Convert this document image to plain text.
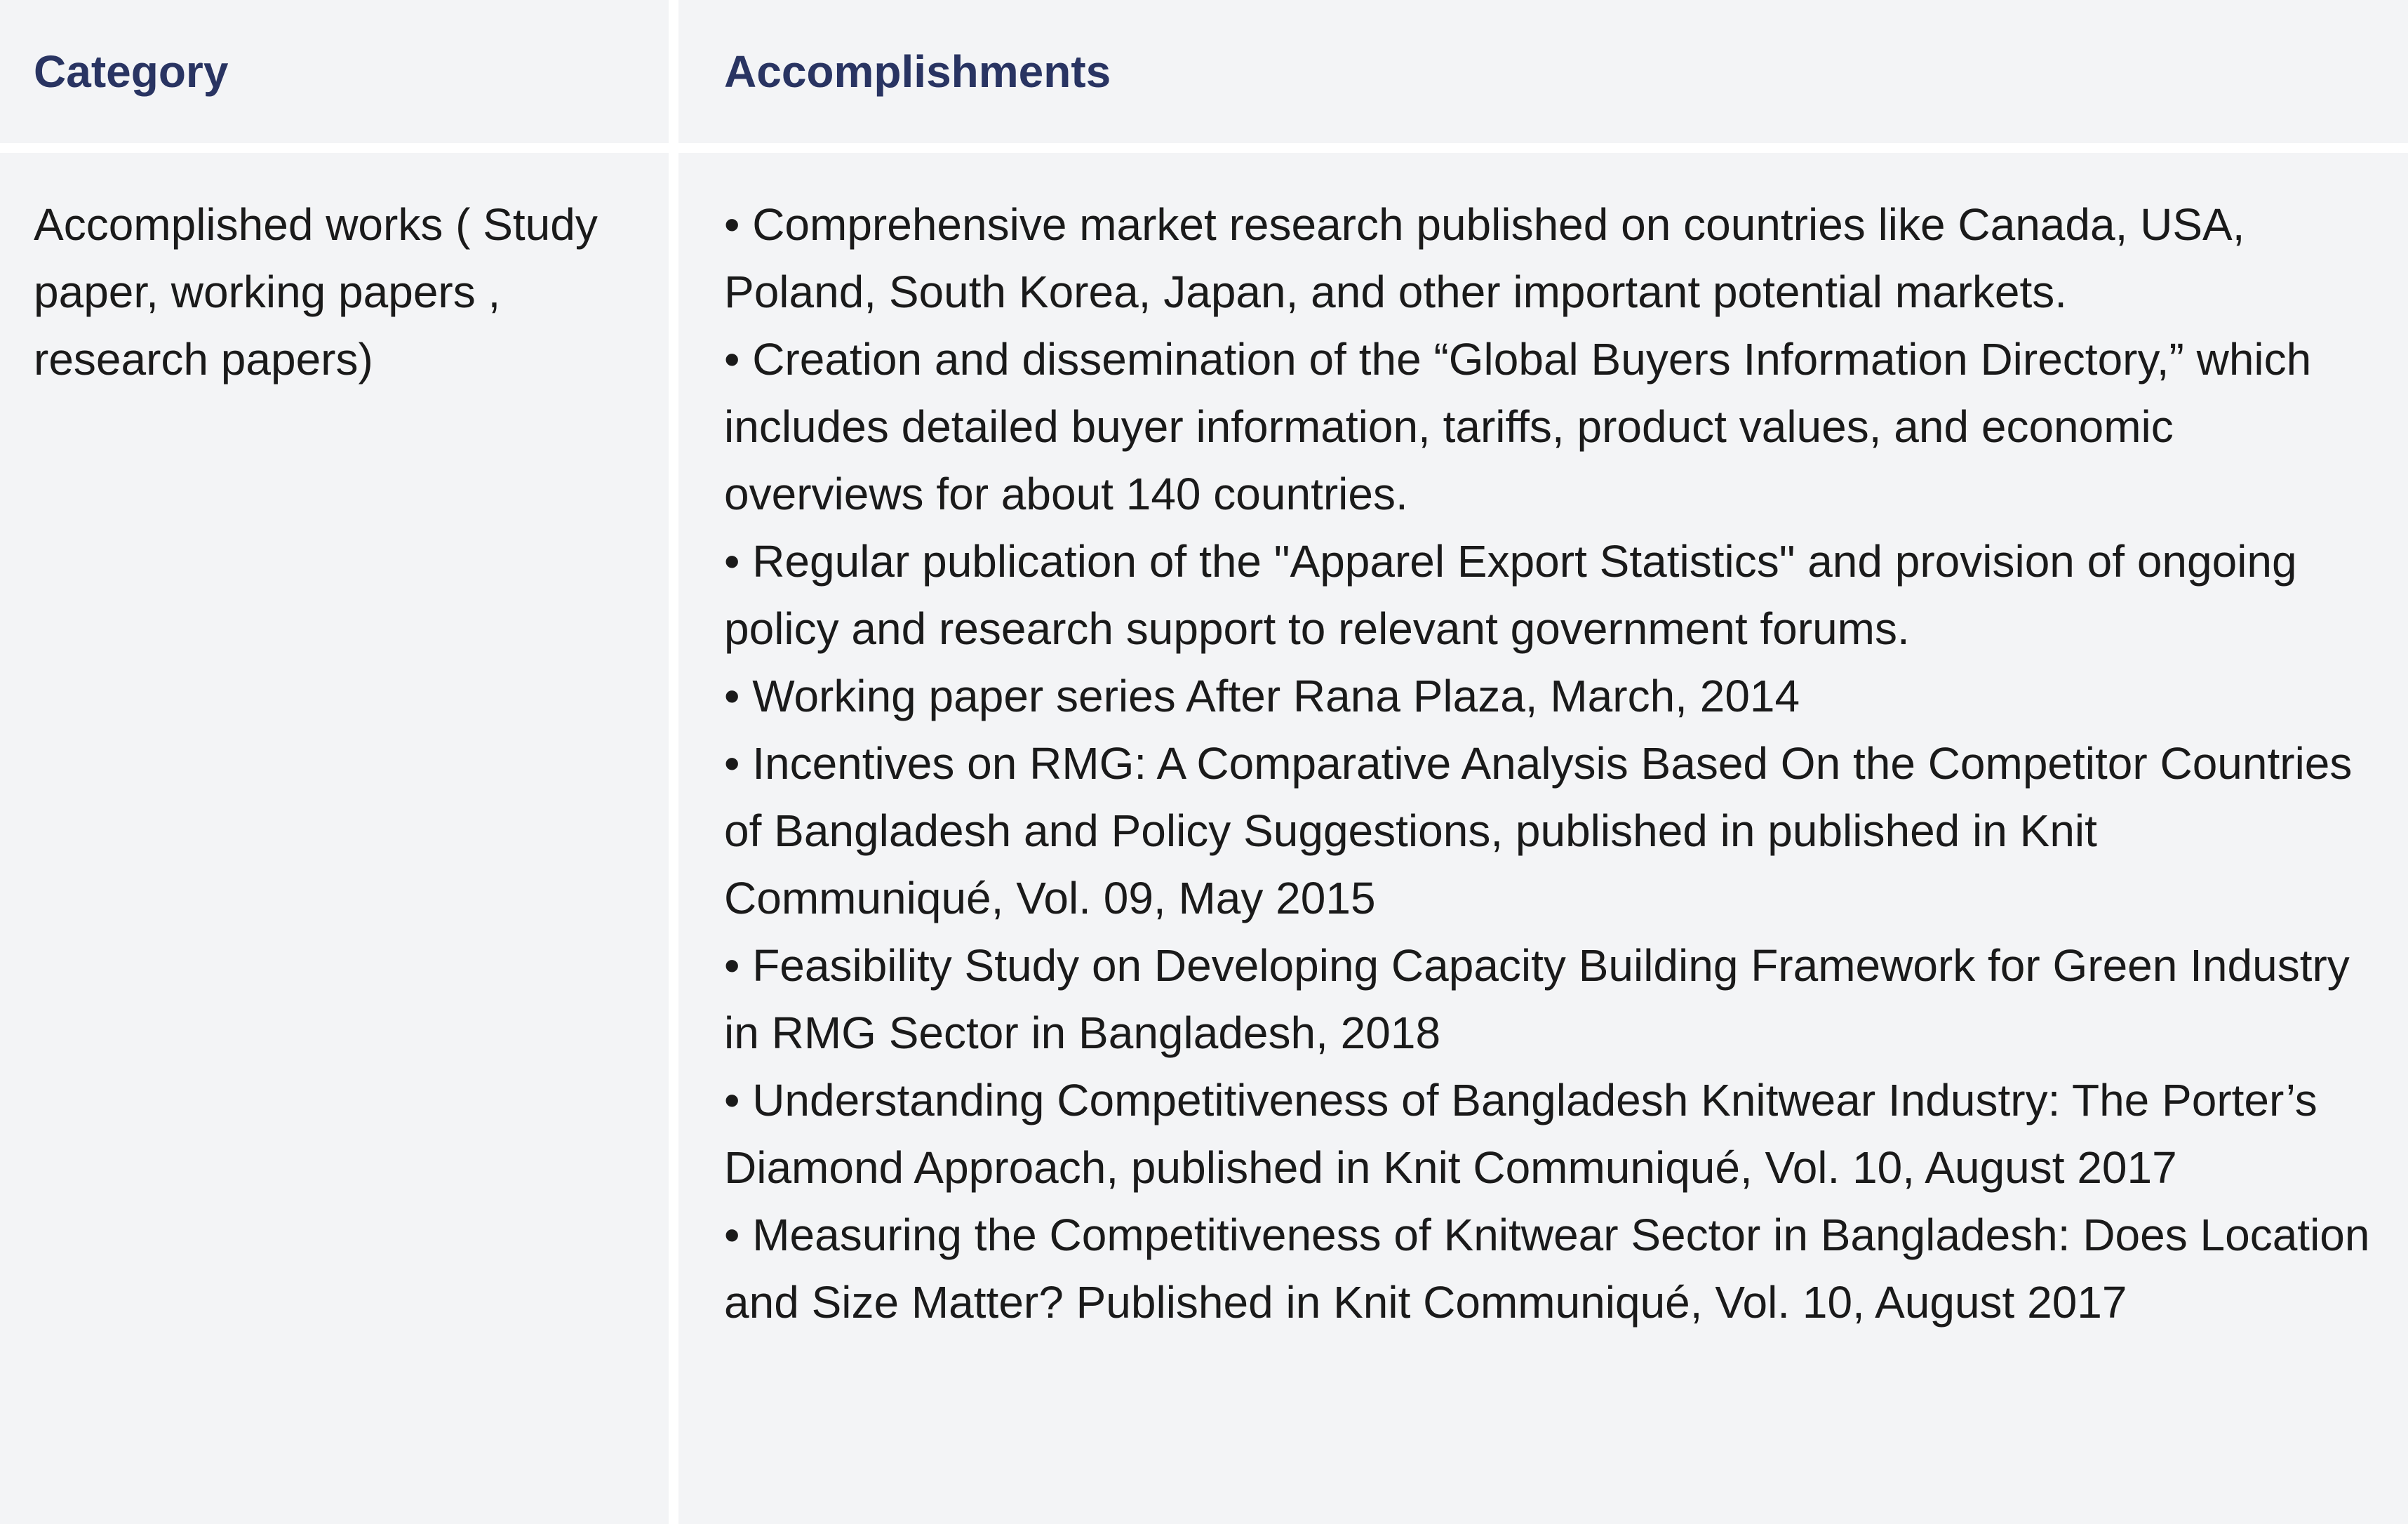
Category	Accomplishments
Accomplished works ( Study paper, working papers , research papers)
• Comprehensive market research published on countries like Canada, USA, Poland, South Korea, Japan, and other important potential markets.
• Creation and dissemination of the “Global Buyers Information Directory,” which includes detailed buyer information, tariffs, product values, and economic overviews for about 140 countries.
• Regular publication of the "Apparel Export Statistics" and provision of ongoing policy and research support to relevant government forums.
• Working paper series After Rana Plaza, March, 2014
• Incentives on RMG: A Comparative Analysis Based On the Competitor Countries of Bangladesh and Policy Suggestions, published in published in Knit Communiqué, Vol. 09, May 2015
• Feasibility Study on Developing Capacity Building Framework for Green Industry in RMG Sector in Bangladesh, 2018
• Understanding Competitiveness of Bangladesh Knitwear Industry: The Porter’s Diamond Approach, published in Knit Communiqué, Vol. 10, August 2017
• Measuring the Competitiveness of Knitwear Sector in Bangladesh: Does Location and Size Matter? Published in Knit Communiqué, Vol. 10, August 2017
